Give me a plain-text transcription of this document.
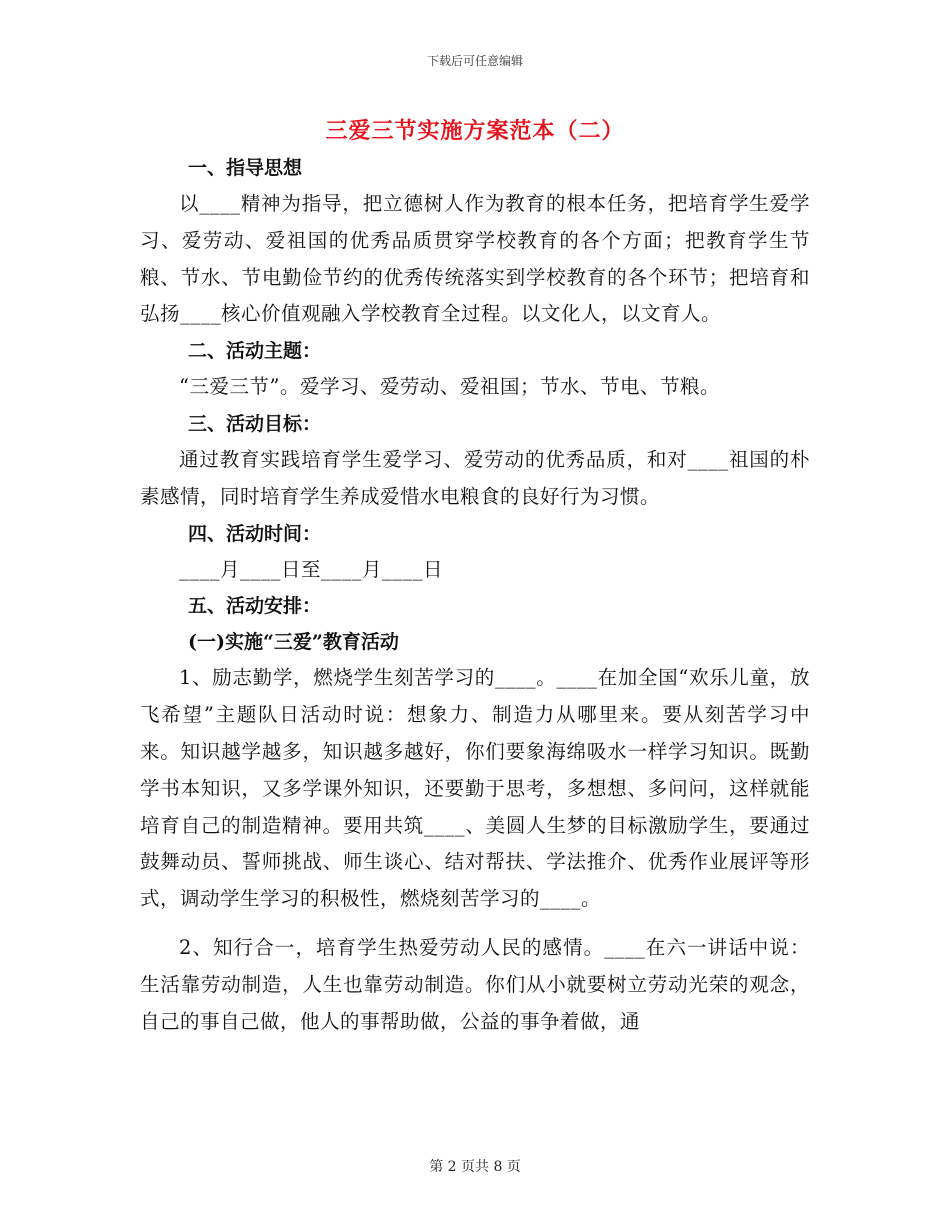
下载后可任意编辑
三爱三节实施方案范本（二）
一、指导思想

以____精神为指导，把立德树人作为教育的根本任务，把培育学生爱学习、爱劳动、爱祖国的优秀品质贯穿学校教育的各个方面；把教育学生节粮、节水、节电勤俭节约的优秀传统落实到学校教育的各个环节；把培育和弘扬____核心价值观融入学校教育全过程。以文化人，以文育人。

二、活动主题：

“三爱三节”。爱学习、爱劳动、爱祖国；节水、节电、节粮。

三、活动目标：

通过教育实践培育学生爱学习、爱劳动的优秀品质，和对____祖国的朴素感情，同时培育学生养成爱惜水电粮食的良好行为习惯。

四、活动时间：

____月____日至____月____日

五、活动安排：
(一)实施“三爱”教育活动

1、励志勤学，燃烧学生刻苦学习的____。____在加全国“欢乐儿童，放飞希望”主题队日活动时说：想象力、制造力从哪里来。要从刻苦学习中来。知识越学越多，知识越多越好，你们要象海绵吸水一样学习知识。既勤学书本知识，又多学课外知识，还要勤于思考，多想想、多问问，这样就能培育自己的制造精神。要用共筑____、美圆人生梦的目标激励学生，要通过鼓舞动员、誓师挑战、师生谈心、结对帮扶、学法推介、优秀作业展评等形式，调动学生学习的积极性，燃烧刻苦学习的____。

2、知行合一，培育学生热爱劳动人民的感情。____在六一讲话中说：生活靠劳动制造，人生也靠劳动制造。你们从小就要树立劳动光荣的观念，自己的事自己做，他人的事帮助做，公益的事争着做，通

第 2 页共 8 页
